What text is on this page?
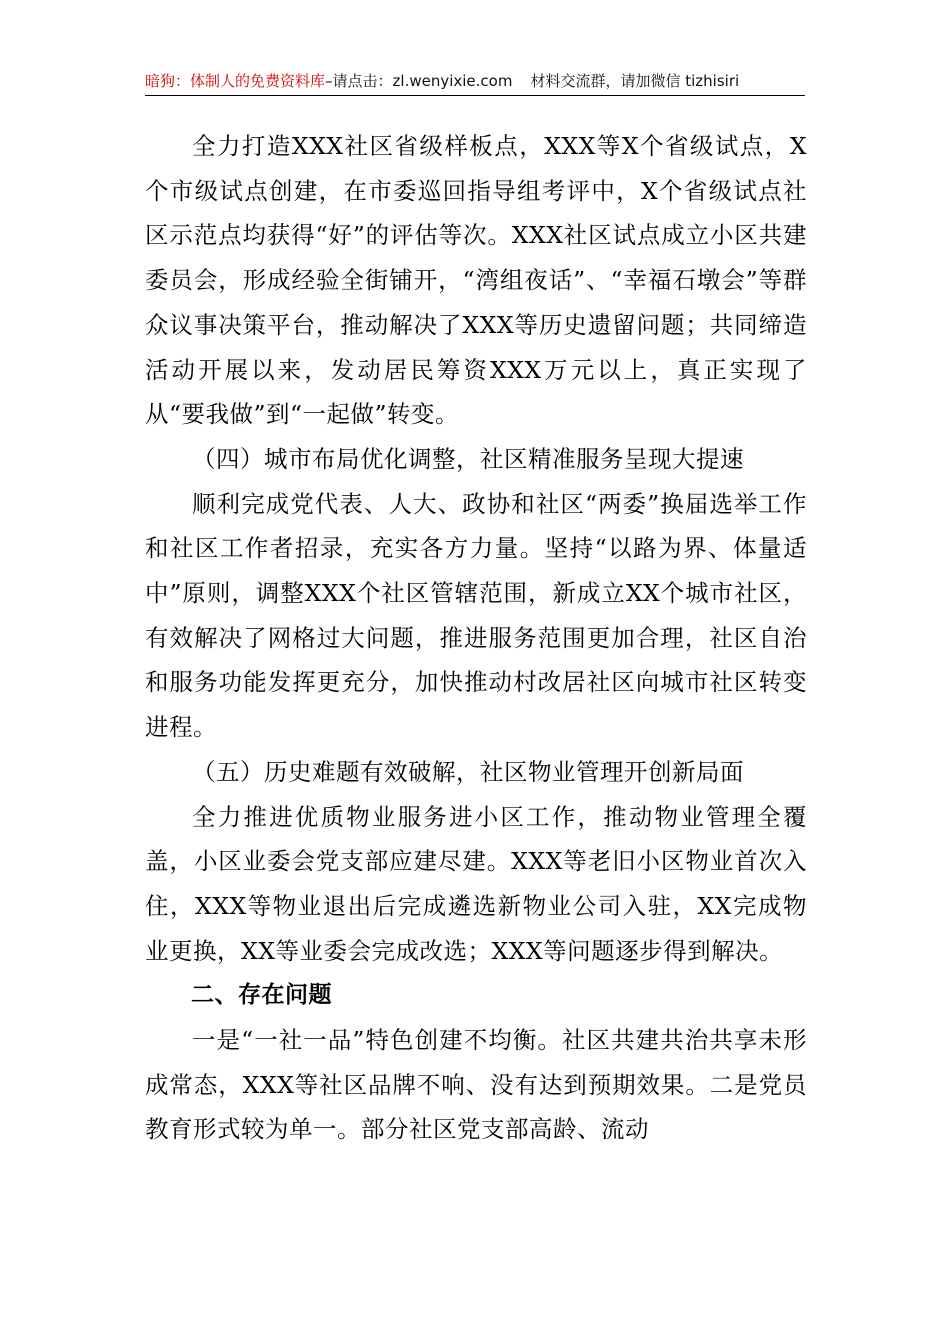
暗狗：体制人的免费资料库–请点击：zl.wenyixie.com 材料交流群，请加微信 tizhisiri

全力打造XXX社区省级样板点，XXX等X个省级试点，X个市级试点创建，在市委巡回指导组考评中，X个省级试点社区示范点均获得“好”的评估等次。XXX社区试点成立小区共建委员会，形成经验全街铺开，“湾组夜话”、“幸福石墩会”等群众议事决策平台，推动解决了XXX等历史遗留问题；共同缔造活动开展以来，发动居民筹资XXX万元以上，真正实现了从“要我做”到“一起做”转变。

（四）城市布局优化调整，社区精准服务呈现大提速

顺利完成党代表、人大、政协和社区“两委”换届选举工作和社区工作者招录，充实各方力量。坚持“以路为界、体量适中”原则，调整XXX个社区管辖范围，新成立XX个城市社区，有效解决了网格过大问题，推进服务范围更加合理，社区自治和服务功能发挥更充分，加快推动村改居社区向城市社区转变进程。

（五）历史难题有效破解，社区物业管理开创新局面

全力推进优质物业服务进小区工作，推动物业管理全覆盖，小区业委会党支部应建尽建。XXX等老旧小区物业首次入住，XXX等物业退出后完成遴选新物业公司入驻，XX完成物业更换，XX等业委会完成改选；XXX等问题逐步得到解决。

二、存在问题

一是“一社一品”特色创建不均衡。社区共建共治共享未形成常态，XXX等社区品牌不响、没有达到预期效果。二是党员教育形式较为单一。部分社区党支部高龄、流动
